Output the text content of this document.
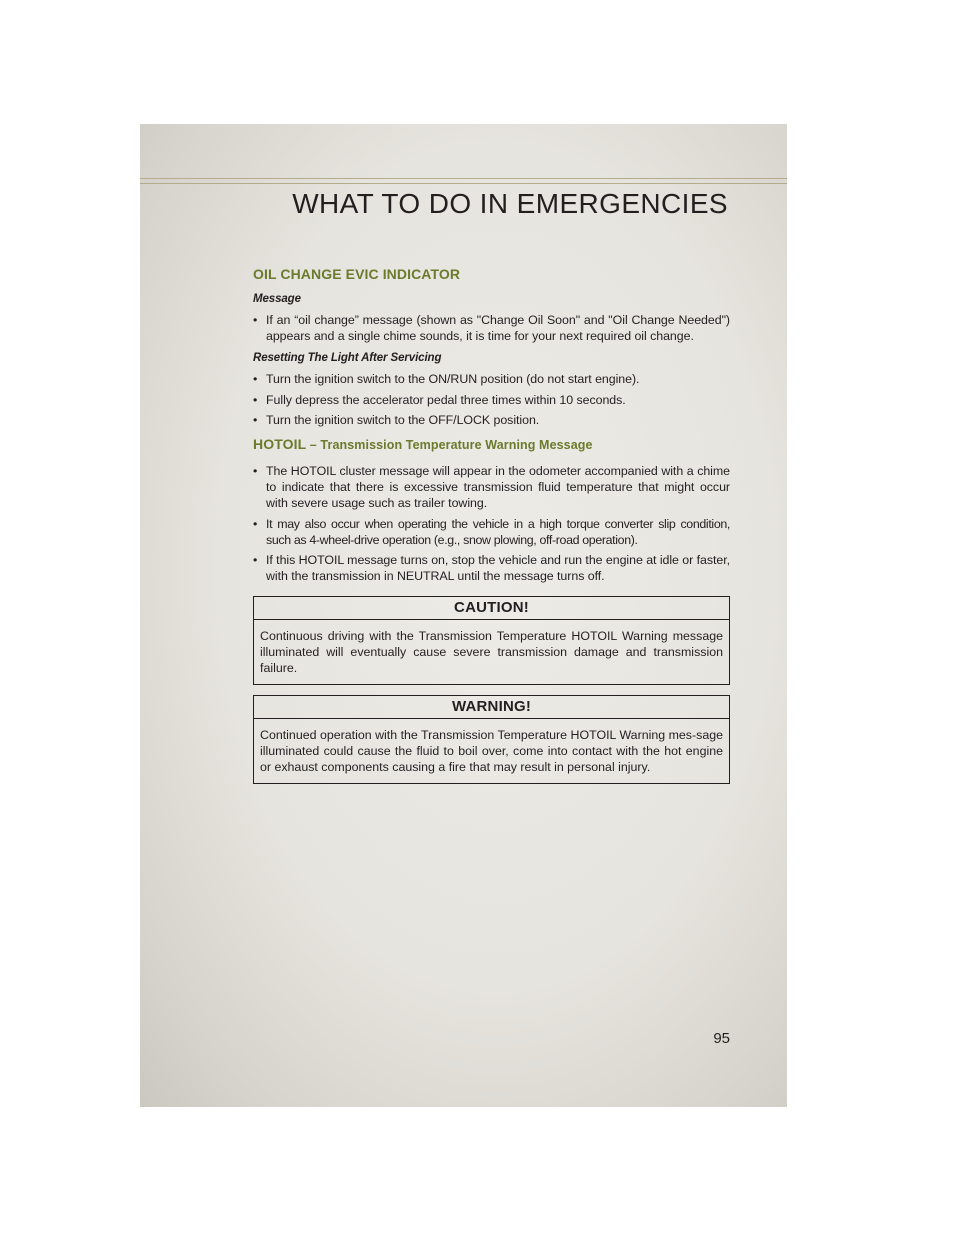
WHAT TO DO IN EMERGENCIES
OIL CHANGE EVIC INDICATOR
Message
• If an “oil change” message (shown as "Change Oil Soon" and "Oil Change Needed") appears and a single chime sounds, it is time for your next required oil change.
Resetting The Light After Servicing
• Turn the ignition switch to the ON/RUN position (do not start engine).
• Fully depress the accelerator pedal three times within 10 seconds.
• Turn the ignition switch to the OFF/LOCK position.
HOTOIL – Transmission Temperature Warning Message
• The HOTOIL cluster message will appear in the odometer accompanied with a chime to indicate that there is excessive transmission fluid temperature that might occur with severe usage such as trailer towing.
• It may also occur when operating the vehicle in a high torque converter slip condition, such as 4-wheel-drive operation (e.g., snow plowing, off-road operation).
• If this HOTOIL message turns on, stop the vehicle and run the engine at idle or faster, with the transmission in NEUTRAL until the message turns off.
CAUTION!
Continuous driving with the Transmission Temperature HOTOIL Warning message illuminated will eventually cause severe transmission damage and transmission failure.
WARNING!
Continued operation with the Transmission Temperature HOTOIL Warning mes-sage illuminated could cause the fluid to boil over, come into contact with the hot engine or exhaust components causing a fire that may result in personal injury.
95
